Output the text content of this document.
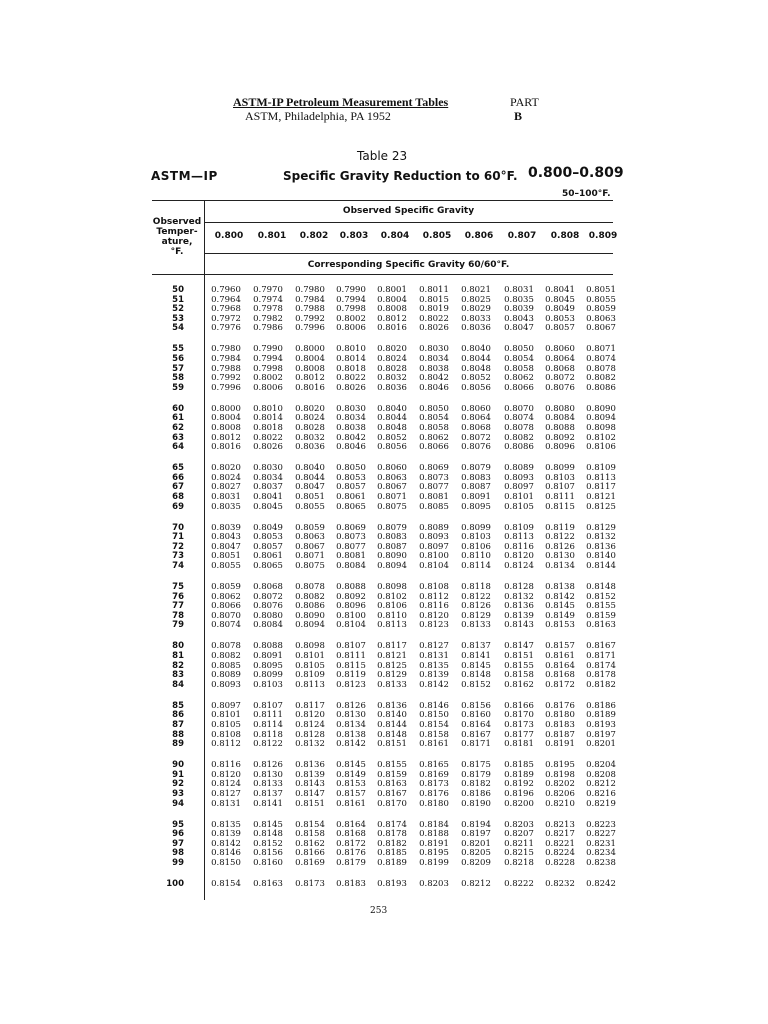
ASTM-IP Petroleum Measurement Tables
ASTM, Philadelphia, PA 1952
PART
B
Table 23
ASTM—IP	Specific Gravity Reduction to 60°F. 0.800–0.809
50–100°F.
Observed
Temper-
ature,
°F.
Observed Specific Gravity
0.800	0.801	0.802	0.803	0.804	0.805	0.806	0.807	0.808	0.809
Corresponding Specific Gravity 60/60°F.
50	0.7960	0.7970	0.7980	0.7990	0.8001	0.8011	0.8021	0.8031	0.8041	0.8051
51	0.7964	0.7974	0.7984	0.7994	0.8004	0.8015	0.8025	0.8035	0.8045	0.8055
52	0.7968	0.7978	0.7988	0.7998	0.8008	0.8019	0.8029	0.8039	0.8049	0.8059
53	0.7972	0.7982	0.7992	0.8002	0.8012	0.8022	0.8033	0.8043	0.8053	0.8063
54	0.7976	0.7986	0.7996	0.8006	0.8016	0.8026	0.8036	0.8047	0.8057	0.8067
55	0.7980	0.7990	0.8000	0.8010	0.8020	0.8030	0.8040	0.8050	0.8060	0.8071
56	0.7984	0.7994	0.8004	0.8014	0.8024	0.8034	0.8044	0.8054	0.8064	0.8074
57	0.7988	0.7998	0.8008	0.8018	0.8028	0.8038	0.8048	0.8058	0.8068	0.8078
58	0.7992	0.8002	0.8012	0.8022	0.8032	0.8042	0.8052	0.8062	0.8072	0.8082
59	0.7996	0.8006	0.8016	0.8026	0.8036	0.8046	0.8056	0.8066	0.8076	0.8086
60	0.8000	0.8010	0.8020	0.8030	0.8040	0.8050	0.8060	0.8070	0.8080	0.8090
61	0.8004	0.8014	0.8024	0.8034	0.8044	0.8054	0.8064	0.8074	0.8084	0.8094
62	0.8008	0.8018	0.8028	0.8038	0.8048	0.8058	0.8068	0.8078	0.8088	0.8098
63	0.8012	0.8022	0.8032	0.8042	0.8052	0.8062	0.8072	0.8082	0.8092	0.8102
64	0.8016	0.8026	0.8036	0.8046	0.8056	0.8066	0.8076	0.8086	0.8096	0.8106
65	0.8020	0.8030	0.8040	0.8050	0.8060	0.8069	0.8079	0.8089	0.8099	0.8109
66	0.8024	0.8034	0.8044	0.8053	0.8063	0.8073	0.8083	0.8093	0.8103	0.8113
67	0.8027	0.8037	0.8047	0.8057	0.8067	0.8077	0.8087	0.8097	0.8107	0.8117
68	0.8031	0.8041	0.8051	0.8061	0.8071	0.8081	0.8091	0.8101	0.8111	0.8121
69	0.8035	0.8045	0.8055	0.8065	0.8075	0.8085	0.8095	0.8105	0.8115	0.8125
70	0.8039	0.8049	0.8059	0.8069	0.8079	0.8089	0.8099	0.8109	0.8119	0.8129
71	0.8043	0.8053	0.8063	0.8073	0.8083	0.8093	0.8103	0.8113	0.8122	0.8132
72	0.8047	0.8057	0.8067	0.8077	0.8087	0.8097	0.8106	0.8116	0.8126	0.8136
73	0.8051	0.8061	0.8071	0.8081	0.8090	0.8100	0.8110	0.8120	0.8130	0.8140
74	0.8055	0.8065	0.8075	0.8084	0.8094	0.8104	0.8114	0.8124	0.8134	0.8144
75	0.8059	0.8068	0.8078	0.8088	0.8098	0.8108	0.8118	0.8128	0.8138	0.8148
76	0.8062	0.8072	0.8082	0.8092	0.8102	0.8112	0.8122	0.8132	0.8142	0.8152
77	0.8066	0.8076	0.8086	0.8096	0.8106	0.8116	0.8126	0.8136	0.8145	0.8155
78	0.8070	0.8080	0.8090	0.8100	0.8110	0.8120	0.8129	0.8139	0.8149	0.8159
79	0.8074	0.8084	0.8094	0.8104	0.8113	0.8123	0.8133	0.8143	0.8153	0.8163
80	0.8078	0.8088	0.8098	0.8107	0.8117	0.8127	0.8137	0.8147	0.8157	0.8167
81	0.8082	0.8091	0.8101	0.8111	0.8121	0.8131	0.8141	0.8151	0.8161	0.8171
82	0.8085	0.8095	0.8105	0.8115	0.8125	0.8135	0.8145	0.8155	0.8164	0.8174
83	0.8089	0.8099	0.8109	0.8119	0.8129	0.8139	0.8148	0.8158	0.8168	0.8178
84	0.8093	0.8103	0.8113	0.8123	0.8133	0.8142	0.8152	0.8162	0.8172	0.8182
85	0.8097	0.8107	0.8117	0.8126	0.8136	0.8146	0.8156	0.8166	0.8176	0.8186
86	0.8101	0.8111	0.8120	0.8130	0.8140	0.8150	0.8160	0.8170	0.8180	0.8189
87	0.8105	0.8114	0.8124	0.8134	0.8144	0.8154	0.8164	0.8173	0.8183	0.8193
88	0.8108	0.8118	0.8128	0.8138	0.8148	0.8158	0.8167	0.8177	0.8187	0.8197
89	0.8112	0.8122	0.8132	0.8142	0.8151	0.8161	0.8171	0.8181	0.8191	0.8201
90	0.8116	0.8126	0.8136	0.8145	0.8155	0.8165	0.8175	0.8185	0.8195	0.8204
91	0.8120	0.8130	0.8139	0.8149	0.8159	0.8169	0.8179	0.8189	0.8198	0.8208
92	0.8124	0.8133	0.8143	0.8153	0.8163	0.8173	0.8182	0.8192	0.8202	0.8212
93	0.8127	0.8137	0.8147	0.8157	0.8167	0.8176	0.8186	0.8196	0.8206	0.8216
94	0.8131	0.8141	0.8151	0.8161	0.8170	0.8180	0.8190	0.8200	0.8210	0.8219
95	0.8135	0.8145	0.8154	0.8164	0.8174	0.8184	0.8194	0.8203	0.8213	0.8223
96	0.8139	0.8148	0.8158	0.8168	0.8178	0.8188	0.8197	0.8207	0.8217	0.8227
97	0.8142	0.8152	0.8162	0.8172	0.8182	0.8191	0.8201	0.8211	0.8221	0.8231
98	0.8146	0.8156	0.8166	0.8176	0.8185	0.8195	0.8205	0.8215	0.8224	0.8234
99	0.8150	0.8160	0.8169	0.8179	0.8189	0.8199	0.8209	0.8218	0.8228	0.8238
100	0.8154	0.8163	0.8173	0.8183	0.8193	0.8203	0.8212	0.8222	0.8232	0.8242
253
